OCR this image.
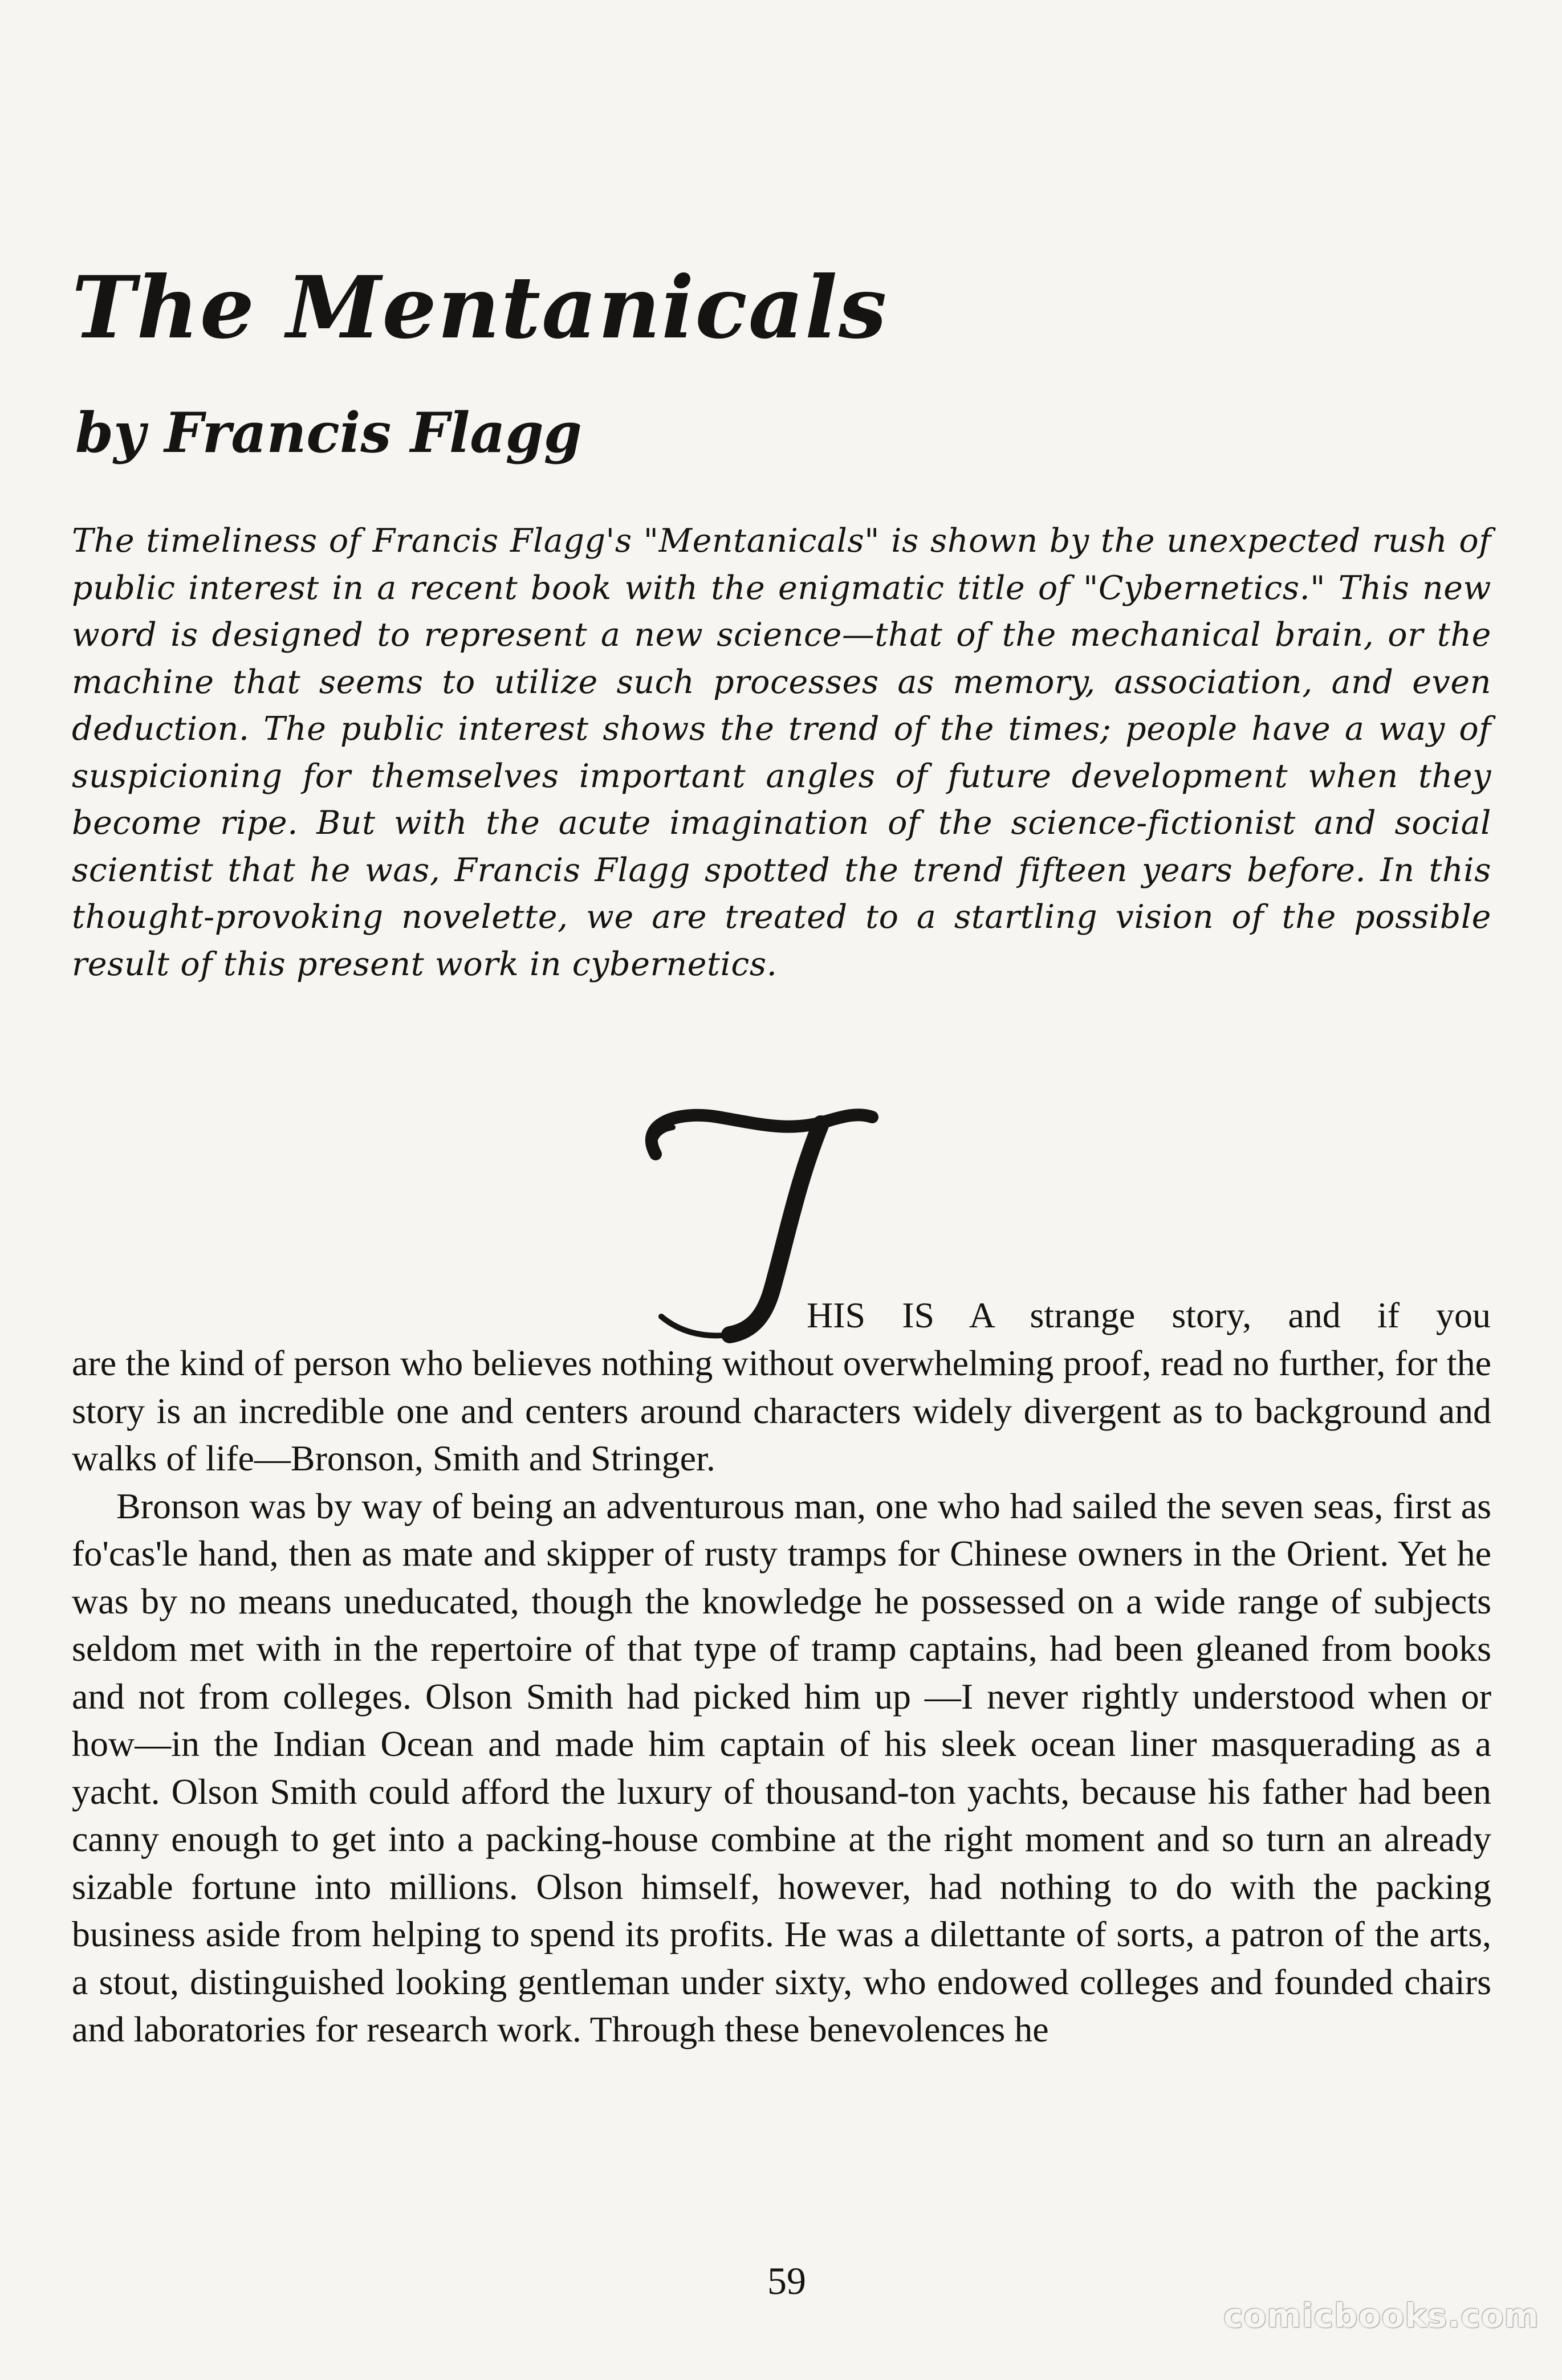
The Mentanicals
by Francis Flagg
The timeliness of Francis Flagg's "Mentanicals" is shown by the unexpected rush of public interest in a recent book with the enigmatic title of "Cybernetics." This new word is designed to represent a new science—that of the mechanical brain, or the machine that seems to utilize such processes as memory, association, and even deduction. The public interest shows the trend of the times; people have a way of suspicioning for themselves important angles of future development when they become ripe. But with the acute imagination of the science-fictionist and social scientist that he was, Francis Flagg spotted the trend fifteen years before. In this thought-provoking novelette, we are treated to a startling vision of the possible result of this present work in cybernetics.
HIS IS A strange story, and if you

are the kind of person who believes nothing without overwhelming proof, read no further, for the story is an incredible one and centers around characters widely divergent as to background and walks of life—Bronson, Smith and Stringer.

Bronson was by way of being an adventurous man, one who had sailed the seven seas, first as fo'cas'le hand, then as mate and skipper of rusty tramps for Chinese owners in the Orient. Yet he was by no means uneducated, though the knowledge he possessed on a wide range of subjects seldom met with in the repertoire of that type of tramp captains, had been gleaned from books and not from colleges. Olson Smith had picked him up —I never rightly understood when or how—in the Indian Ocean and made him captain of his sleek ocean liner masquerading as a yacht. Olson Smith could afford the luxury of thousand-ton yachts, because his father had been canny enough to get into a packing-house combine at the right moment and so turn an already sizable fortune into millions. Olson himself, however, had nothing to do with the packing business aside from helping to spend its profits. He was a dilettante of sorts, a patron of the arts, a stout, distinguished looking gentleman under sixty, who endowed colleges and founded chairs and laboratories for research work. Through these benevolences he

59
comicbooks.com
